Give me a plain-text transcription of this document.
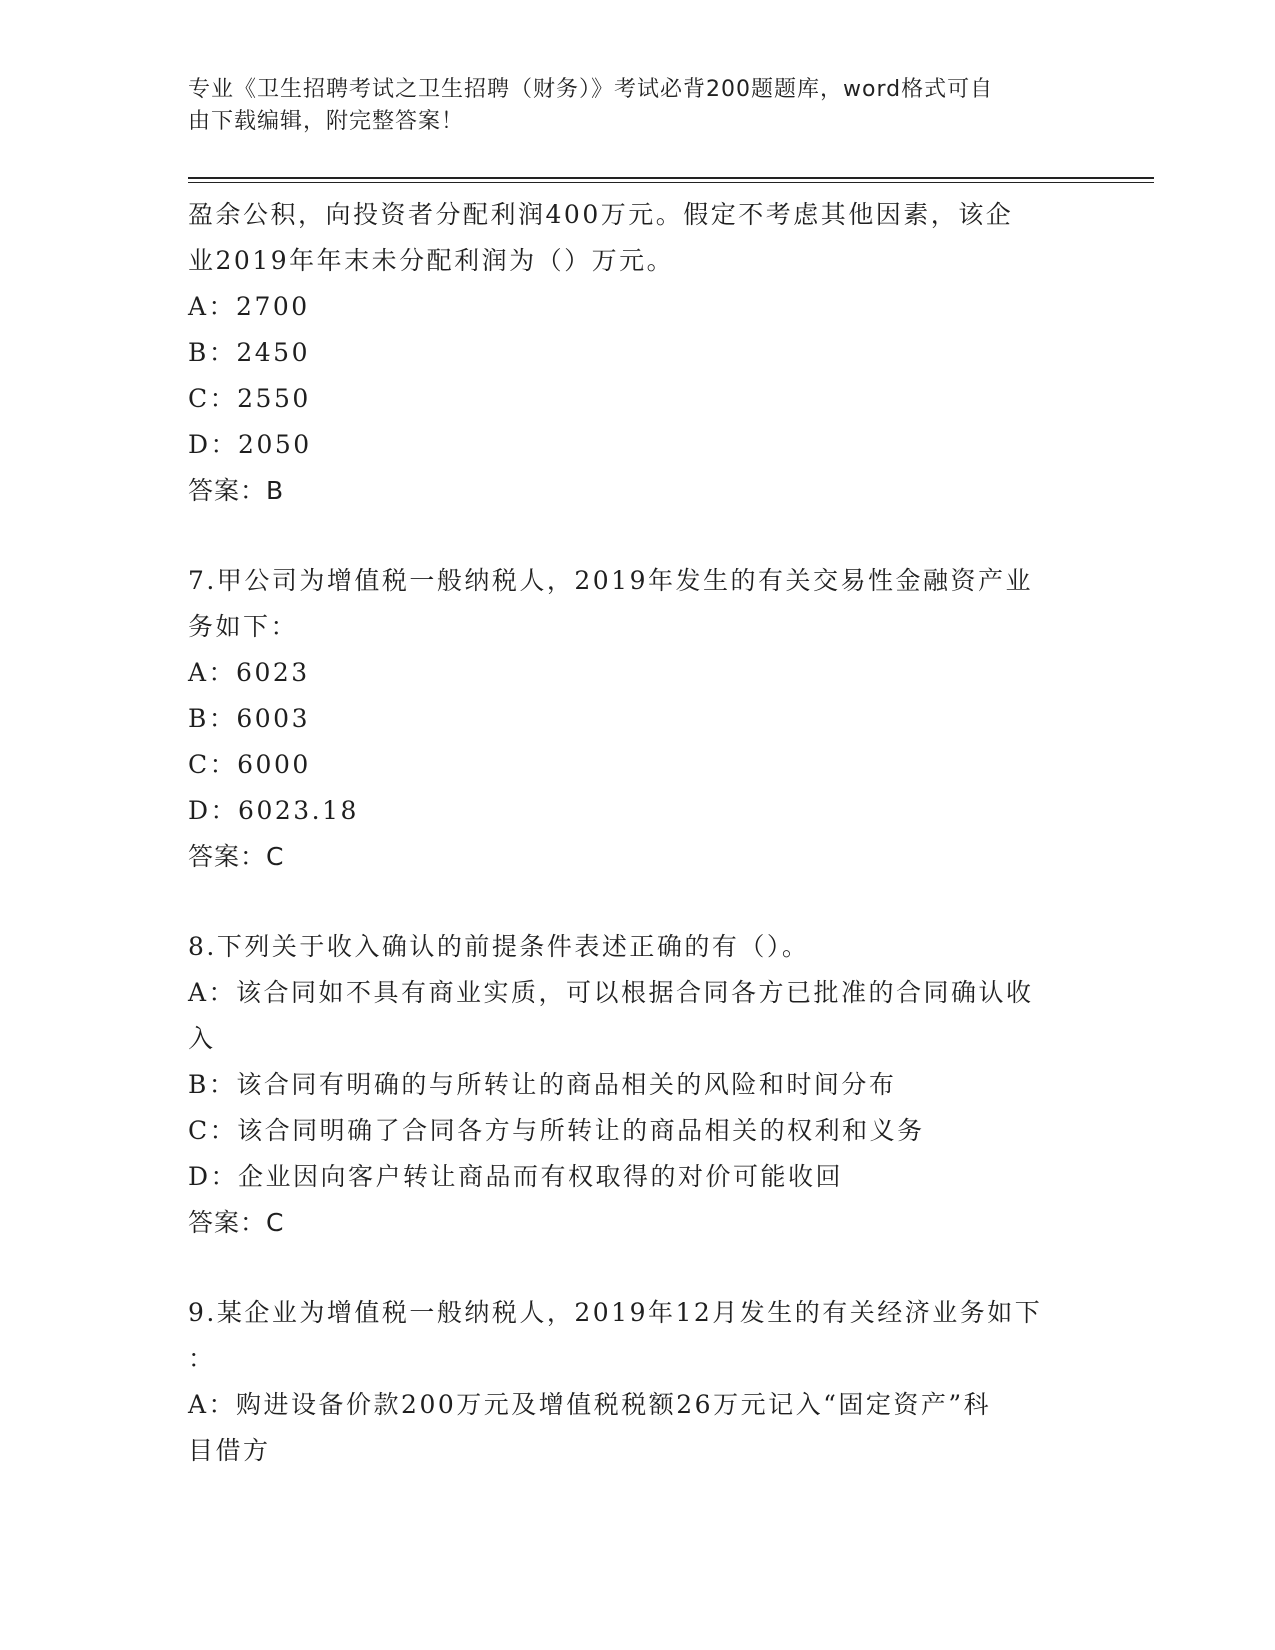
专业《卫生招聘考试之卫生招聘（财务）》考试必背200题题库，word格式可自
由下载编辑，附完整答案！
盈余公积，向投资者分配利润400万元。假定不考虑其他因素，该企
业2019年年末未分配利润为（）万元。
A：2700
B：2450
C：2550
D：2050
答案：B
7.甲公司为增值税一般纳税人，2019年发生的有关交易性金融资产业
务如下：
A：6023
B：6003
C：6000
D：6023.18
答案：C
8.下列关于收入确认的前提条件表述正确的有（）。
A：该合同如不具有商业实质，可以根据合同各方已批准的合同确认收
入
B：该合同有明确的与所转让的商品相关的风险和时间分布
C：该合同明确了合同各方与所转让的商品相关的权利和义务
D：企业因向客户转让商品而有权取得的对价可能收回
答案：C
9.某企业为增值税一般纳税人，2019年12月发生的有关经济业务如下
：
A：购进设备价款200万元及增值税税额26万元记入“固定资产”科
目借方
